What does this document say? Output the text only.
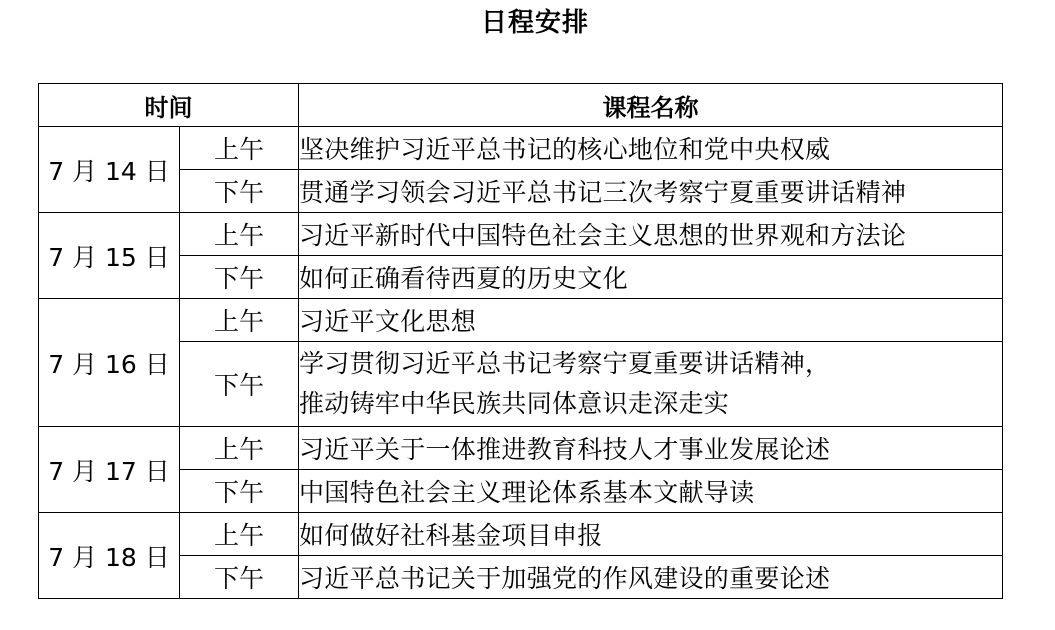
日程安排
时间		课程名称
7 月 14 日	上午	坚决维护习近平总书记的核心地位和党中央权威
	下午	贯通学习领会习近平总书记三次考察宁夏重要讲话精神
7 月 15 日	上午	习近平新时代中国特色社会主义思想的世界观和方法论
	下午	如何正确看待西夏的历史文化
7 月 16 日	上午	习近平文化思想
	下午	学习贯彻习近平总书记考察宁夏重要讲话精神，
推动铸牢中华民族共同体意识走深走实

7 月 17 日	上午	习近平关于一体推进教育科技人才事业发展论述
	下午	中国特色社会主义理论体系基本文献导读
7 月 18 日	上午	如何做好社科基金项目申报
	下午	习近平总书记关于加强党的作风建设的重要论述
